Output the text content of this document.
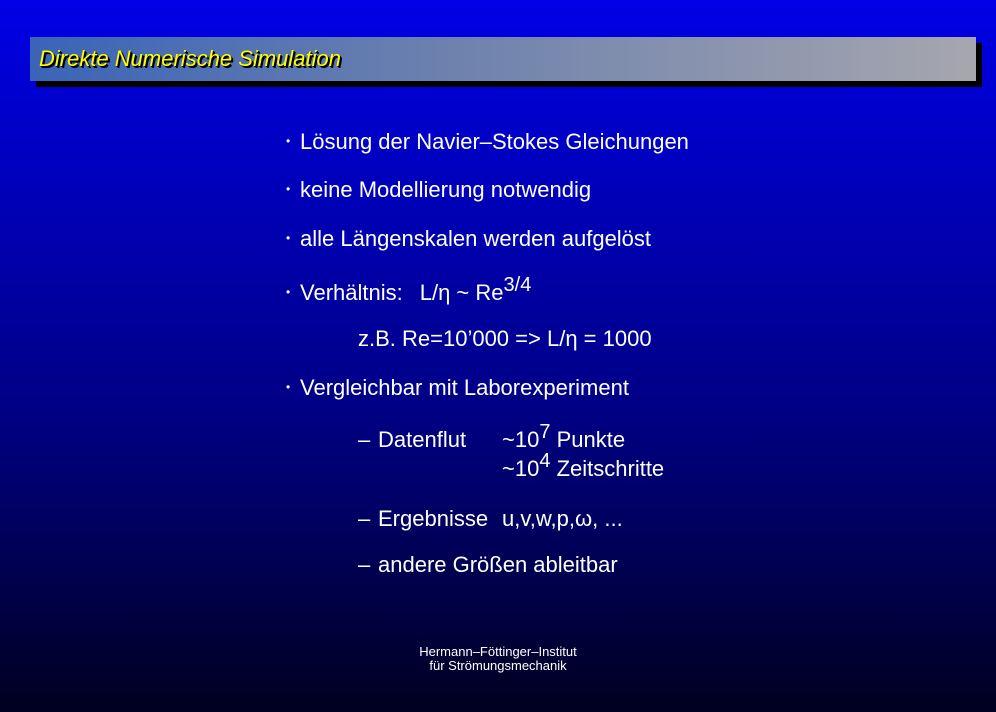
Direkte Numerische Simulation
• Lösung der Navier–Stokes Gleichungen
• keine Modellierung notwendig
• alle Längenskalen werden aufgelöst
• Verhältnis: L/η ~ $Re^{3/4}$
z.B. Re=10’000 => L/η = 1000
• Vergleichbar mit Laborexperiment
– Datenflut $\sim 10^7$ Punkte
$\sim 10^4$ Zeitschritte
– Ergebnisse u,v,w,p,ω, ...
– andere Größen ableitbar
Hermann–Föttinger–Institut
für Strömungsmechanik
